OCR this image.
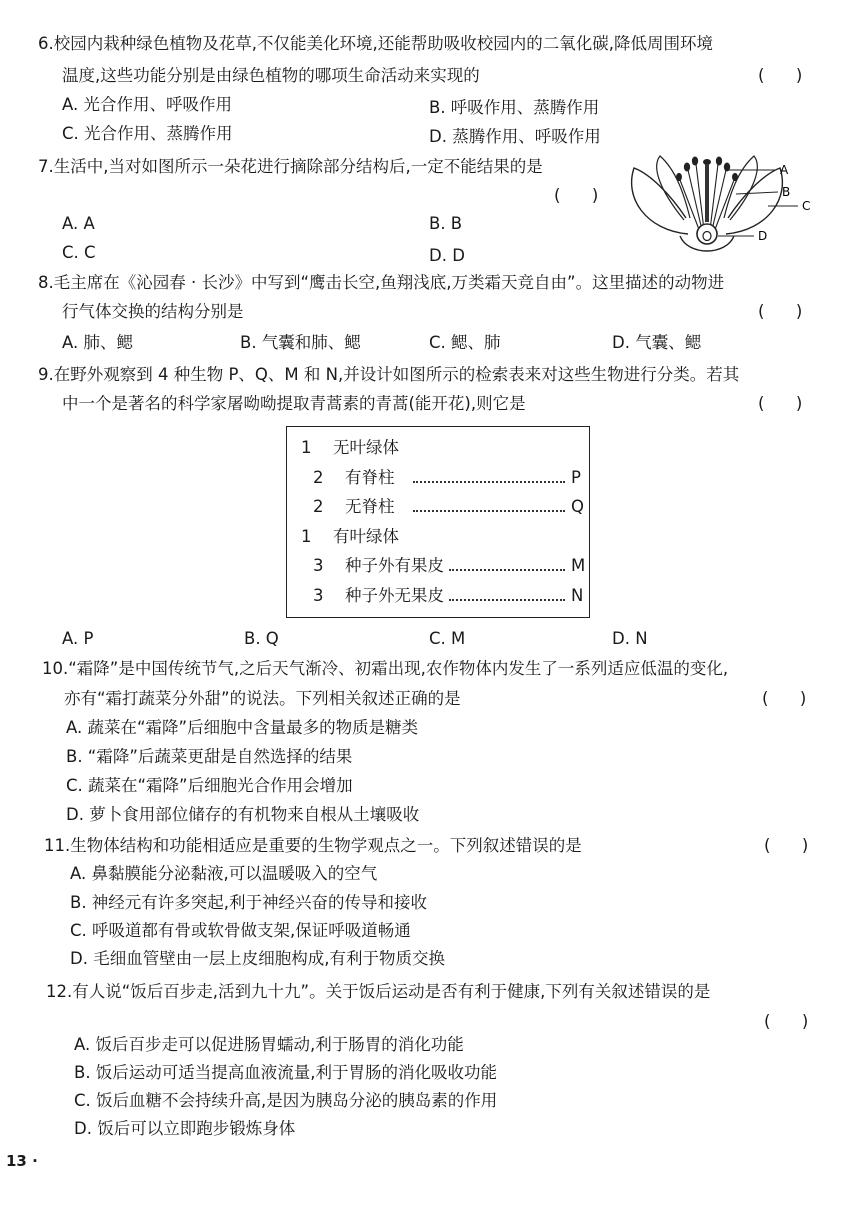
6.校园内栽种绿色植物及花草,不仅能美化环境,还能帮助吸收校园内的二氧化碳,降低周围环境
温度,这些功能分别是由绿色植物的哪项生命活动来实现的	(      )
A. 光合作用、呼吸作用	B. 呼吸作用、蒸腾作用
C. 光合作用、蒸腾作用	D. 蒸腾作用、呼吸作用
7.生活中,当对如图所示一朵花进行摘除部分结构后,一定不能结果的是
(      )
A. A	B. B
C. C	D. D
A
B
C
D
8.毛主席在《沁园春 · 长沙》中写到“鹰击长空,鱼翔浅底,万类霜天竞自由”。这里描述的动物进
行气体交换的结构分别是	(      )
A. 肺、鳃	B. 气囊和肺、鳃	C. 鳃、肺	D. 气囊、鳃
9.在野外观察到 4 种生物 P、Q、M 和 N,并设计如图所示的检索表来对这些生物进行分类。若其
中一个是著名的科学家屠呦呦提取青蒿素的青蒿(能开花),则它是	(      )
1 无叶绿体
2 有脊柱	P
2 无脊柱	Q
1 有叶绿体
3 种子外有果皮	M
3 种子外无果皮	N
A. P	B. Q	C. M	D. N
10.“霜降”是中国传统节气,之后天气渐冷、初霜出现,农作物体内发生了一系列适应低温的变化,
亦有“霜打蔬菜分外甜”的说法。下列相关叙述正确的是	(      )
A. 蔬菜在“霜降”后细胞中含量最多的物质是糖类
B. “霜降”后蔬菜更甜是自然选择的结果
C. 蔬菜在“霜降”后细胞光合作用会增加
D. 萝卜食用部位储存的有机物来自根从土壤吸收
11.生物体结构和功能相适应是重要的生物学观点之一。下列叙述错误的是	(      )
A. 鼻黏膜能分泌黏液,可以温暖吸入的空气
B. 神经元有许多突起,利于神经兴奋的传导和接收
C. 呼吸道都有骨或软骨做支架,保证呼吸道畅通
D. 毛细血管壁由一层上皮细胞构成,有利于物质交换
12.有人说“饭后百步走,活到九十九”。关于饭后运动是否有利于健康,下列有关叙述错误的是
(      )
A. 饭后百步走可以促进肠胃蠕动,利于肠胃的消化功能
B. 饭后运动可适当提高血液流量,利于胃肠的消化吸收功能
C. 饭后血糖不会持续升高,是因为胰岛分泌的胰岛素的作用
D. 饭后可以立即跑步锻炼身体
13 ·
